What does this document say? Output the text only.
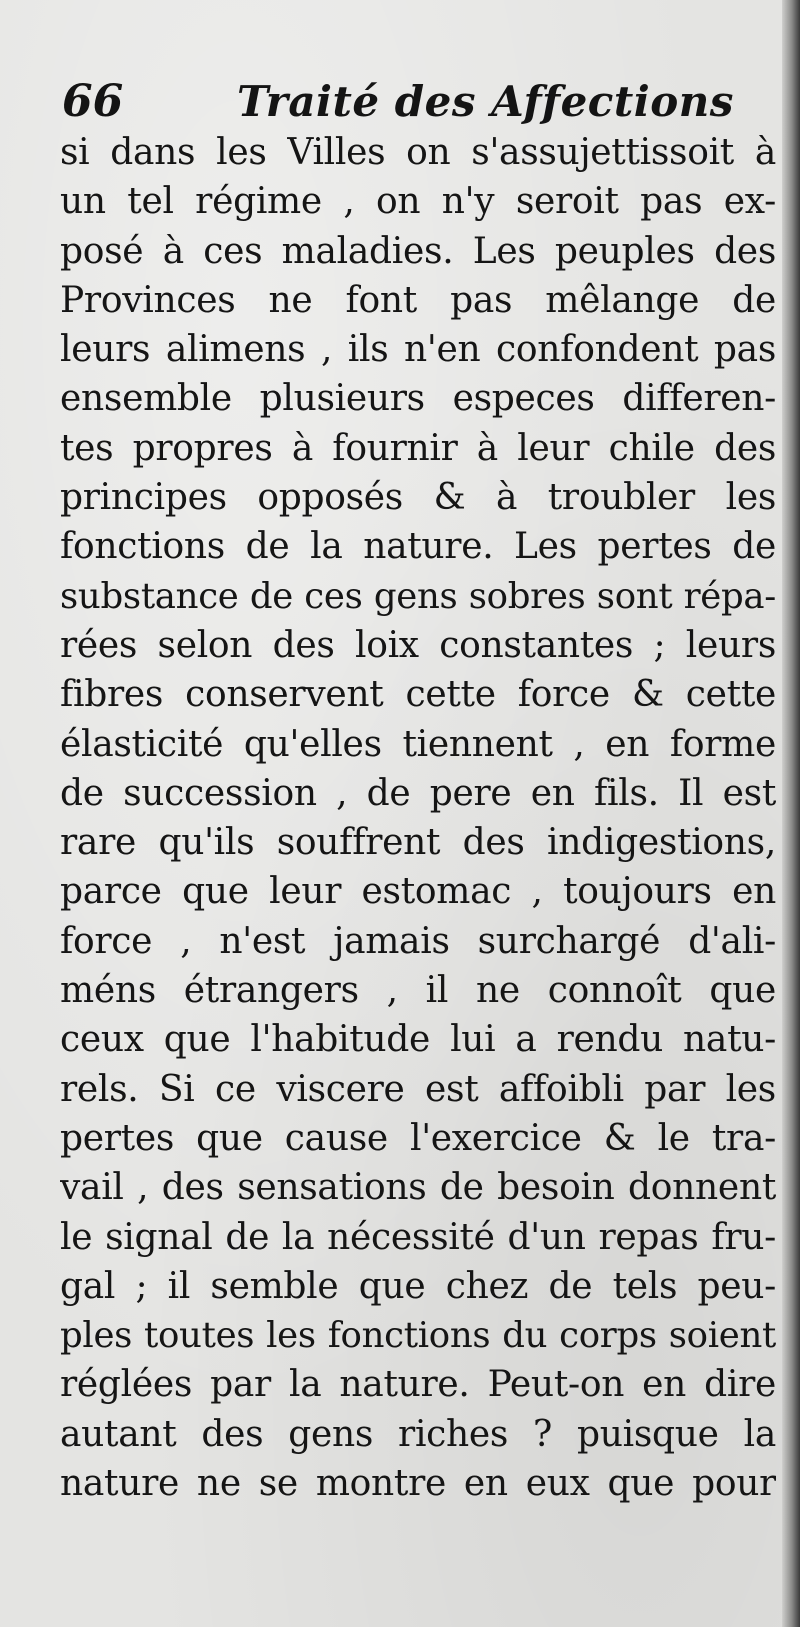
66	Traité des Affections
si dans les Villes on s'assujettissoit à
un tel régime , on n'y seroit pas ex-
posé à ces maladies. Les peuples des
Provinces ne font pas mêlange de
leurs alimens , ils n'en confondent pas
ensemble plusieurs especes differen-
tes propres à fournir à leur chile des
principes opposés & à troubler les
fonctions de la nature. Les pertes de
substance de ces gens sobres sont répa-
rées selon des loix constantes ; leurs
fibres conservent cette force & cette
élasticité qu'elles tiennent , en forme
de succession , de pere en fils. Il est
rare qu'ils souffrent des indigestions,
parce que leur estomac , toujours en
force , n'est jamais surchargé d'ali-
méns étrangers , il ne connoît que
ceux que l'habitude lui a rendu natu-
rels. Si ce viscere est affoibli par les
pertes que cause l'exercice & le tra-
vail , des sensations de besoin donnent
le signal de la nécessité d'un repas fru-
gal ; il semble que chez de tels peu-
ples toutes les fonctions du corps soient
réglées par la nature. Peut-on en dire
autant des gens riches ? puisque la
nature ne se montre en eux que pour
